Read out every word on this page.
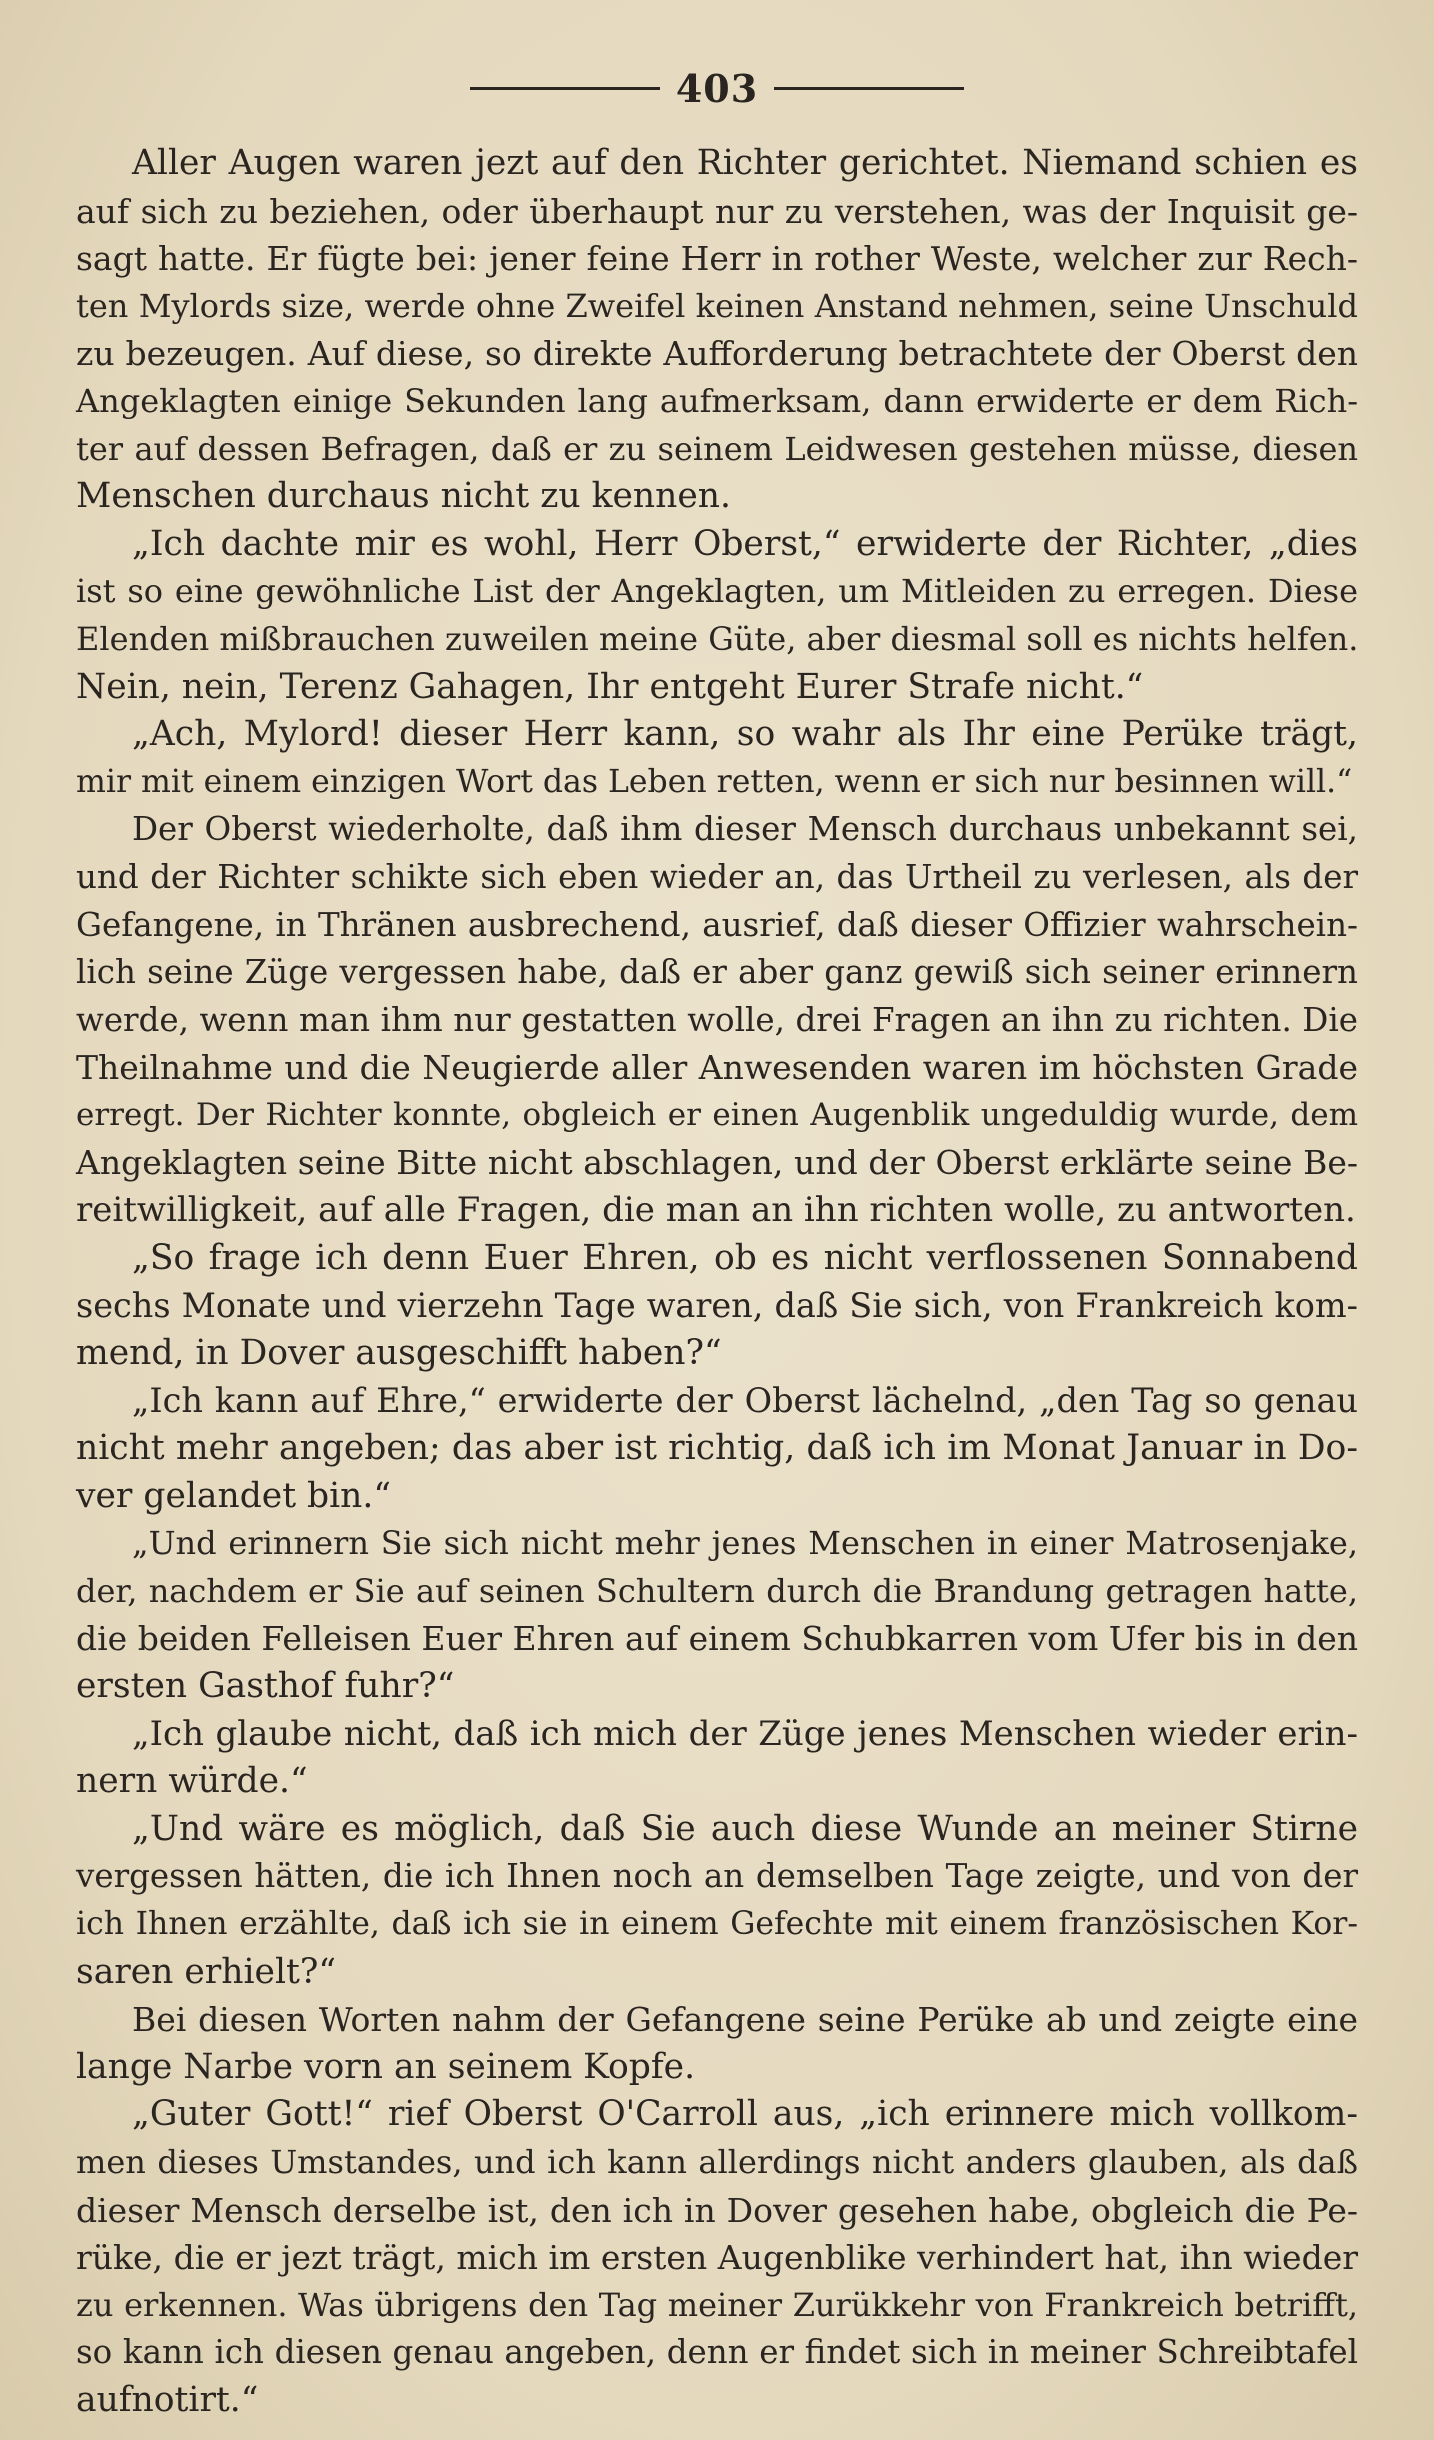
403
Aller Augen waren jezt auf den Richter gerichtet. Niemand schien es
auf sich zu beziehen, oder überhaupt nur zu verstehen, was der Inquisit ge-
sagt hatte. Er fügte bei: jener feine Herr in rother Weste, welcher zur Rech-
ten Mylords size, werde ohne Zweifel keinen Anstand nehmen, seine Unschuld
zu bezeugen. Auf diese, so direkte Aufforderung betrachtete der Oberst den
Angeklagten einige Sekunden lang aufmerksam, dann erwiderte er dem Rich-
ter auf dessen Befragen, daß er zu seinem Leidwesen gestehen müsse, diesen
Menschen durchaus nicht zu kennen.
„Ich dachte mir es wohl, Herr Oberst,“ erwiderte der Richter, „dies
ist so eine gewöhnliche List der Angeklagten, um Mitleiden zu erregen. Diese
Elenden mißbrauchen zuweilen meine Güte, aber diesmal soll es nichts helfen.
Nein, nein, Terenz Gahagen, Ihr entgeht Eurer Strafe nicht.“
„Ach, Mylord! dieser Herr kann, so wahr als Ihr eine Perüke trägt,
mir mit einem einzigen Wort das Leben retten, wenn er sich nur besinnen will.“
Der Oberst wiederholte, daß ihm dieser Mensch durchaus unbekannt sei,
und der Richter schikte sich eben wieder an, das Urtheil zu verlesen, als der
Gefangene, in Thränen ausbrechend, ausrief, daß dieser Offizier wahrschein-
lich seine Züge vergessen habe, daß er aber ganz gewiß sich seiner erinnern
werde, wenn man ihm nur gestatten wolle, drei Fragen an ihn zu richten. Die
Theilnahme und die Neugierde aller Anwesenden waren im höchsten Grade
erregt. Der Richter konnte, obgleich er einen Augenblik ungeduldig wurde, dem
Angeklagten seine Bitte nicht abschlagen, und der Oberst erklärte seine Be-
reitwilligkeit, auf alle Fragen, die man an ihn richten wolle, zu antworten.
„So frage ich denn Euer Ehren, ob es nicht verflossenen Sonnabend
sechs Monate und vierzehn Tage waren, daß Sie sich, von Frankreich kom-
mend, in Dover ausgeschifft haben?“
„Ich kann auf Ehre,“ erwiderte der Oberst lächelnd, „den Tag so genau
nicht mehr angeben; das aber ist richtig, daß ich im Monat Januar in Do-
ver gelandet bin.“
„Und erinnern Sie sich nicht mehr jenes Menschen in einer Matrosenjake,
der, nachdem er Sie auf seinen Schultern durch die Brandung getragen hatte,
die beiden Felleisen Euer Ehren auf einem Schubkarren vom Ufer bis in den
ersten Gasthof fuhr?“
„Ich glaube nicht, daß ich mich der Züge jenes Menschen wieder erin-
nern würde.“
„Und wäre es möglich, daß Sie auch diese Wunde an meiner Stirne
vergessen hätten, die ich Ihnen noch an demselben Tage zeigte, und von der
ich Ihnen erzählte, daß ich sie in einem Gefechte mit einem französischen Kor-
saren erhielt?“
Bei diesen Worten nahm der Gefangene seine Perüke ab und zeigte eine
lange Narbe vorn an seinem Kopfe.
„Guter Gott!“ rief Oberst O'Carroll aus, „ich erinnere mich vollkom-
men dieses Umstandes, und ich kann allerdings nicht anders glauben, als daß
dieser Mensch derselbe ist, den ich in Dover gesehen habe, obgleich die Pe-
rüke, die er jezt trägt, mich im ersten Augenblike verhindert hat, ihn wieder
zu erkennen. Was übrigens den Tag meiner Zurükkehr von Frankreich betrifft,
so kann ich diesen genau angeben, denn er findet sich in meiner Schreibtafel
aufnotirt.“
